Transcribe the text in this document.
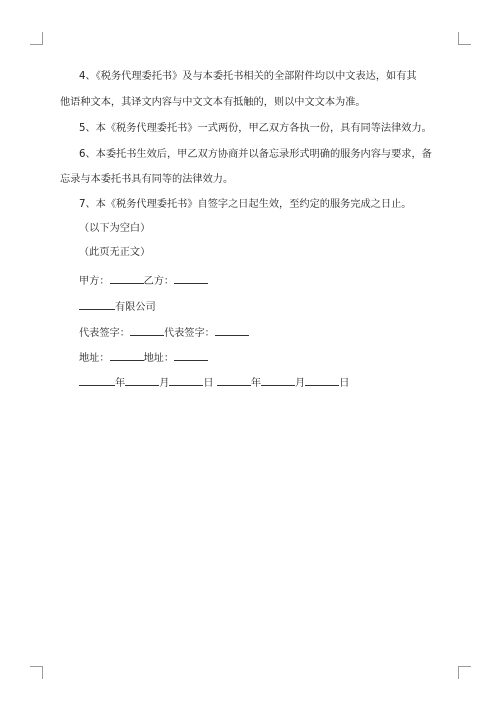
4、《税务代理委托书》及与本委托书相关的全部附件均以中文表达，如有其
他语种文本，其译文内容与中文文本有抵触的，则以中文文本为准。
5、本《税务代理委托书》一式两份，甲乙双方各执一份，具有同等法律效力。
6、本委托书生效后，甲乙双方协商并以备忘录形式明确的服务内容与要求，备
忘录与本委托书具有同等的法律效力。
7、本《税务代理委托书》自签字之日起生效，至约定的服务完成之日止。
（以下为空白）
（此页无正文）
甲方：	乙方：
有限公司
代表签字：	代表签字：
地址：	地址：
年	月	日	年	月	日
